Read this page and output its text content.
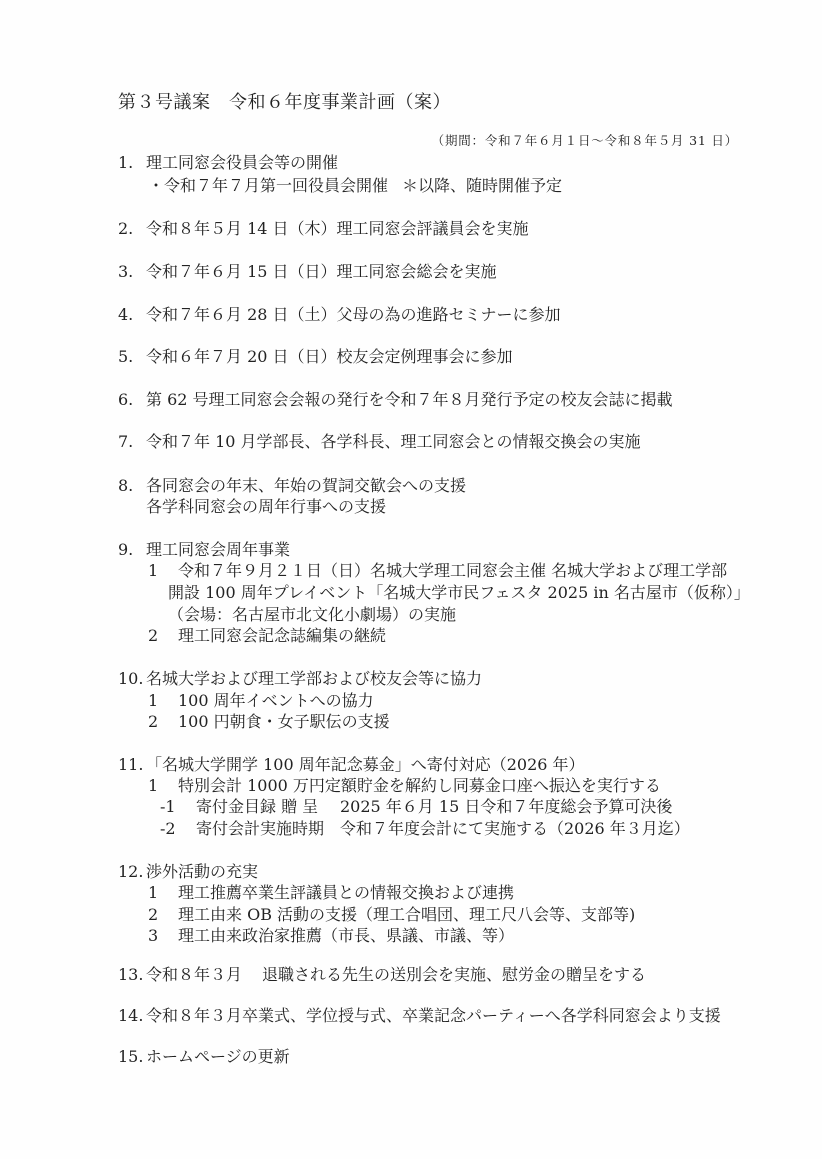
第３号議案　令和６年度事業計画（案）
（期間：令和７年６月１日～令和８年５月 31 日）
1. 理工同窓会役員会等の開催
・令和７年７月第一回役員会開催 ＊以降、随時開催予定
2. 令和８年５月 14 日（木）理工同窓会評議員会を実施
3. 令和７年６月 15 日（日）理工同窓会総会を実施
4. 令和７年６月 28 日（土）父母の為の進路セミナーに参加
5. 令和６年７月 20 日（日）校友会定例理事会に参加
6. 第 62 号理工同窓会会報の発行を令和７年８月発行予定の校友会誌に掲載
7. 令和７年 10 月学部長、各学科長、理工同窓会との情報交換会の実施
8. 各同窓会の年末、年始の賀詞交歓会への支援
各学科同窓会の周年行事への支援
9. 理工同窓会周年事業
1 令和７年９月２１日（日）名城大学理工同窓会主催 名城大学および理工学部
開設 100 周年プレイベント「名城大学市民フェスタ 2025 in 名古屋市（仮称）」
（会場：名古屋市北文化小劇場）の実施
2 理工同窓会記念誌編集の継続
10. 名城大学および理工学部および校友会等に協力
1 100 周年イベントへの協力
2 100 円朝食・女子駅伝の支援
11. 「名城大学開学 100 周年記念募金」へ寄付対応（2026 年）
1 特別会計 1000 万円定額貯金を解約し同募金口座へ振込を実行する
-1 寄付金目録 贈 呈 2025 年６月 15 日令和７年度総会予算可決後
-2 寄付会計実施時期 令和７年度会計にて実施する（2026 年３月迄）
12. 渉外活動の充実
1 理工推薦卒業生評議員との情報交換および連携
2 理工由来 OB 活動の支援（理工合唱団、理工尺八会等、支部等)
3 理工由来政治家推薦（市長、県議、市議、等）
13. 令和８年３月 退職される先生の送別会を実施、慰労金の贈呈をする
14. 令和８年３月卒業式、学位授与式、卒業記念パーティーへ各学科同窓会より支援
15. ホームページの更新
